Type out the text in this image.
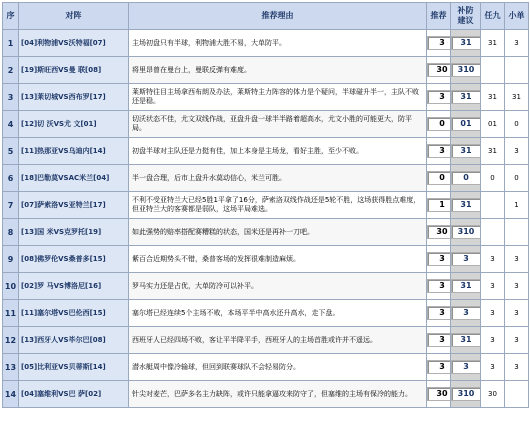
序	对阵	推荐理由	推荐	补防
建议	任九	小单
1	[04]利物浦VS沃特福[07]	主场初盘只有半球，利物浦大胜不易，大单防平。	3	31	31	3
2	[19]斯旺西VS曼 联[08]	将里昂曾在曼台上，曼联反弹有难度。	30	310		
3	[13]莱切城VS西布罗[17]	莱斯特往目主场拿西布朗及办法，莱斯特主力阵容的体力是个疑问，半球碰升半一，主队不败还是稳。	3	31	31	31
4	[12]切 沃VS尤 文[01]	切沃状态不佳，尤文双线作战，亚盘升盘一球半半路着超高水，尤文小胜的可能更大，防平局。	0	01	01	0
5	[11]热那亚VS乌迪内[14]	初盘半球对主队还是力挺有佳，加上本身是主场龙，看好主胜，至少不败。	3	31	31	3
6	[18]巴勒莫VSAC米兰[04]	半一盘合理，后市上盘升水莫动信心，米兰可胜。	0	0	0	0
7	[07]萨索洛VS亚特兰[17]	不利不受亚特兰大已经5胜1平拿了16分，萨索洛双线作战还是5轮不胜，这场获得胜点难度，但亚特兰大的客赛都是弱队，这场平局难选。	1	31		1
8	[13]国 米VS克罗托[19]	如此强势的赔率搭配赛糟糕的状态，国米还是再补一刀吧。	30	310		
9	[08]佛罗伦VS桑普多[15]	紫百合近期势头不错，桑普客场的发挥很难制造麻烦。	3	3	3	3
10	[02]罗 马VS博洛尼[16]	罗马实力还是占优，大单防冷可以补平。	3	31	3	3
11	[11]塞尔塔VS巴伦西[15]	塞尔塔已经连续5个主场不败，本场平半中高水还升高水，走下盘。	3	3	3	3
12	[13]西牙人VS毕尔巴[08]	西班牙人已经四场不败，客让平半降平手，西班牙人的主场首胜或许并不遥远。	3	31	3	3
13	[05]比利亚VS贝蒂斯[14]	潜水艇周中像冷输球，但回到联赛球队不会轻易防分。	3	3	3	3
14	[04]塞维利VS巴 萨[02]	针尖对麦芒，巴萨多名主力缺阵，或许只能拿逼攻来防守了，但塞维的主场有保冷的能力。	30	310	30	
